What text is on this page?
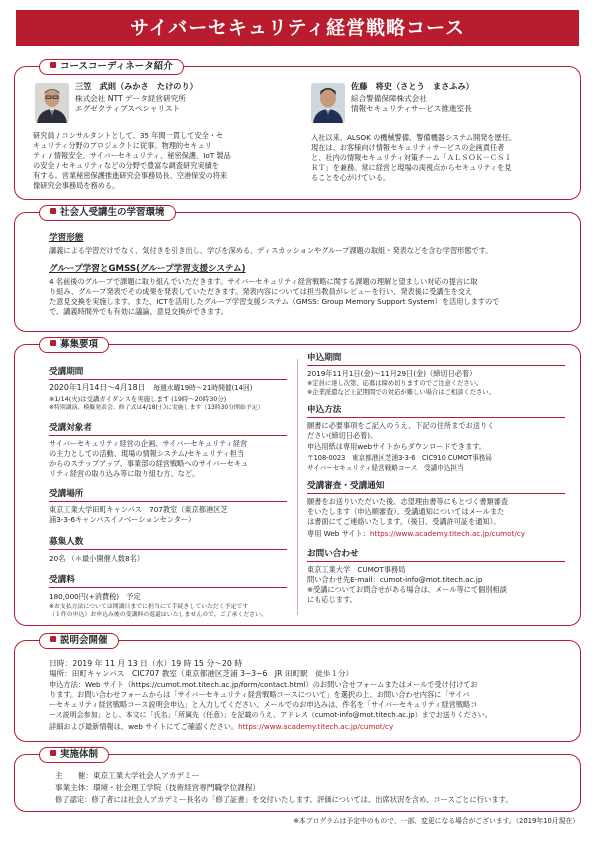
サイバーセキュリティ経営戦略コース
コースコーディネータ紹介
三笠　武則（みかさ　たけのり）
株式会社 NTT データ経営研究所
エグゼクティブスペシャリスト
研究員 / コンサルタントとして、35 年間一貫して安全・セ
キュリティ分野のプロジェクトに従事。物理的セキュリ
ティ / 情報安全、サイバーセキュリティ、秘密保護、IoT 製品
の安全 / セキュリティなどの分野で豊富な調査研究実績を
有する。営業秘密保護推進研究会事務局長、空港保安の将来
像研究会事務局を務める。
佐藤　将史（さとう　まさふみ）
綜合警備保障株式会社
情報セキュリティサービス推進室長
入社以来、ALSOK の機械警備、警備機器システム開発を歴任。
現在は、お客様向け情報セキュリティサービスの企画責任者
と、社内の情報セキュリティ対策チーム「ＡＬＳＯＫ－ＣＳＩ
ＲＴ」を兼務。常に経営と現場の両視点からセキュリティを見
ることを心がけている。
社会人受講生の学習環境
学習形態
講義による学習だけでなく、気付きを引き出し、学びを深める、ディスカッションやグループ課題の取組・発表などを含む学習形態です。
グループ学習とGMSS(グループ学習支援システム)
4 名前後のグループで課題に取り組んでいただきます。サイバーセキュリティ経営戦略に関する課題の理解と望ましい対応の提言に取
り組み、グループ発表でその成果を発表していただきます。発表内容については担当教員がレビューを行い、発表後に受講生を交え
た意見交換を実施します。また、ICTを活用したグループ学習支援システム（GMSS: Group Memory Support System）を活用しますので
で、講義時間外でも有効に議論、意見交換ができます。
募集要項
受講期間
2020年1月14日～4月18日　 毎週水曜19時～21時開催(14回)
※1/14(火)は受講ガイダンスを実施します (19時～20時30分)
※特別講演、模擬発表会、修了式は4/18(土)に実施します（13時30分開始予定）
受講対象者
サイバーセキュリティ経営の企画、サイバーセキュリティ経営
の主力としての活動、現場の情報システム/セキュリティ担当
からのステップアップ、事業部の経営戦略へのサイバーセキュ
リティ経営の取り込み等に取り組む方、など。
受講場所
東京工業大学田町キャンパス　707教室（東京都港区芝
浦3-3-6キャンパスイノベーションセンター）
募集人数
20名 （＊最小開催人数8名）
受講料
180,000円(+消費税)　予定
※お支払方法については開講日までに担当にて手続きしていただく予定です
（１件の申込）お申込み後の受講料の返還はいたしませんので、ご了承ください。
申込期間
2019年11月1日(金)～11月29日(金)（締切日必着）
※定員に達し次第、応募は締め切りますのでご注意ください。
※企業派遣など上記期間での対応が難しい場合はご相談ください。
申込方法
願書に必要事項をご記入のうえ、下記の住所までお送りく
ださい(締切日必着)。
申込用紙は専用webサイトからダウンロードできます。
〒108-0023　東京都港区芝浦3-3-6　CIC910 CUMOT事務局
サイバーセキュリティ経営戦略コース　受講申込担当
受講審査・受講通知
願書をお送りいただいた後、志望理由書等にもとづく書類審査
をいたします（申込順審査）。受講通知についてはメールまた
は書面にてご連絡いたします。（後日、受講許可証を通知）。
専用 Web サイト：https://www.academy.titech.ac.jp/cumot/cy
お問い合わせ
東京工業大学　CUMOT事務局
問い合わせ先E-mail：cumot-info@mot.titech.ac.jp
※受講についてお問合せがある場合は、メール等にて個別相談
にも応じます。
説明会開催
日時：2019 年 11 月 13 日（水）19 時 15 分～20 時
場所：田町キャンパス　CIC707 教室（東京都港区芝浦 3−3−6　JR 田町駅　徒歩１分）
申込方法：Web サイト（https://cumot.mot.titech.ac.jp/form/contact.html）のお問い合せフォームまたはメールで受け付けてお
ります。お問い合わせフォームからは「サイバーセキュリティ経営戦略コースについて」を選択の上、お問い合わせ内容に「サイバ
ーセキュリティ経営戦略コース説明会申込」と入力してください。メールでのお申込みは、件名を「サイバーセキュリティ経営戦略コ
ース説明会参加」とし、本文に「氏名」「所属先（任意）」を記載のうえ、アドレス（cumot-info@mot.titech.ac.jp）までお送りください。
詳細および最新情報は、web サイトにてご確認ください。https://www.academy.titech.ac.jp/cumot/cy
実施体制
主　　催：東京工業大学社会人アカデミー
事業主体：環境・社会理工学院（技術経営専門職学位課程）
修了認定：修了者には社会人アカデミー長名の「修了証書」を交付いたします。評価については、出席状況を含め、コースごとに行います。
※本プログラムは予定中のもので、一部、変更になる場合がございます。（2019年10月現在）
